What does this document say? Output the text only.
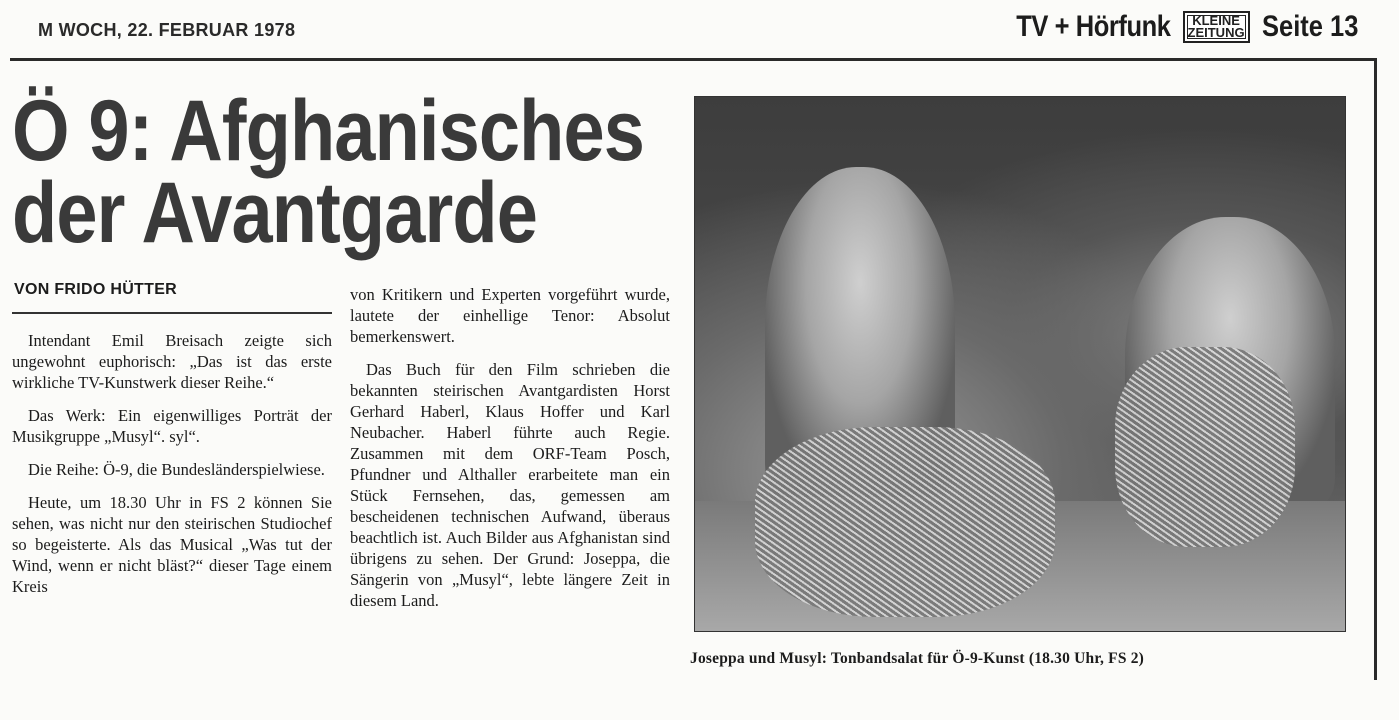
M WOCH, 22. FEBRUAR 1978	TV + Hörfunk	KLEINE
ZEITUNG Seite 13
Ö 9: Afghanisches
der Avantgarde
VON FRIDO HÜTTER

Intendant Emil Breisach zeigte sich ungewohnt euphorisch: „Das ist das erste wirkliche TV-Kunstwerk dieser Reihe.“

Das Werk: Ein eigenwilliges Porträt der Musikgruppe „Musyl“. syl“.

Die Reihe: Ö-9, die Bundesländerspielwiese.

Heute, um 18.30 Uhr in FS 2 können Sie sehen, was nicht nur den steirischen Studiochef so begeisterte. Als das Musical „Was tut der Wind, wenn er nicht bläst?“ dieser Tage einem Kreis

von Kritikern und Experten vorgeführt wurde, lautete der einhellige Tenor: Absolut bemerkenswert.

Das Buch für den Film schrieben die bekannten steirischen Avantgardisten Horst Gerhard Haberl, Klaus Hoffer und Karl Neubacher. Haberl führte auch Regie. Zusammen mit dem ORF-Team Posch, Pfundner und Althaller erarbeitete man ein Stück Fernsehen, das, gemessen am bescheidenen technischen Aufwand, überaus beachtlich ist. Auch Bilder aus Afghanistan sind übrigens zu sehen. Der Grund: Joseppa, die Sängerin von „Musyl“, lebte längere Zeit in diesem Land.

Joseppa und Musyl: Tonbandsalat für Ö-9-Kunst (18.30 Uhr, FS 2)
